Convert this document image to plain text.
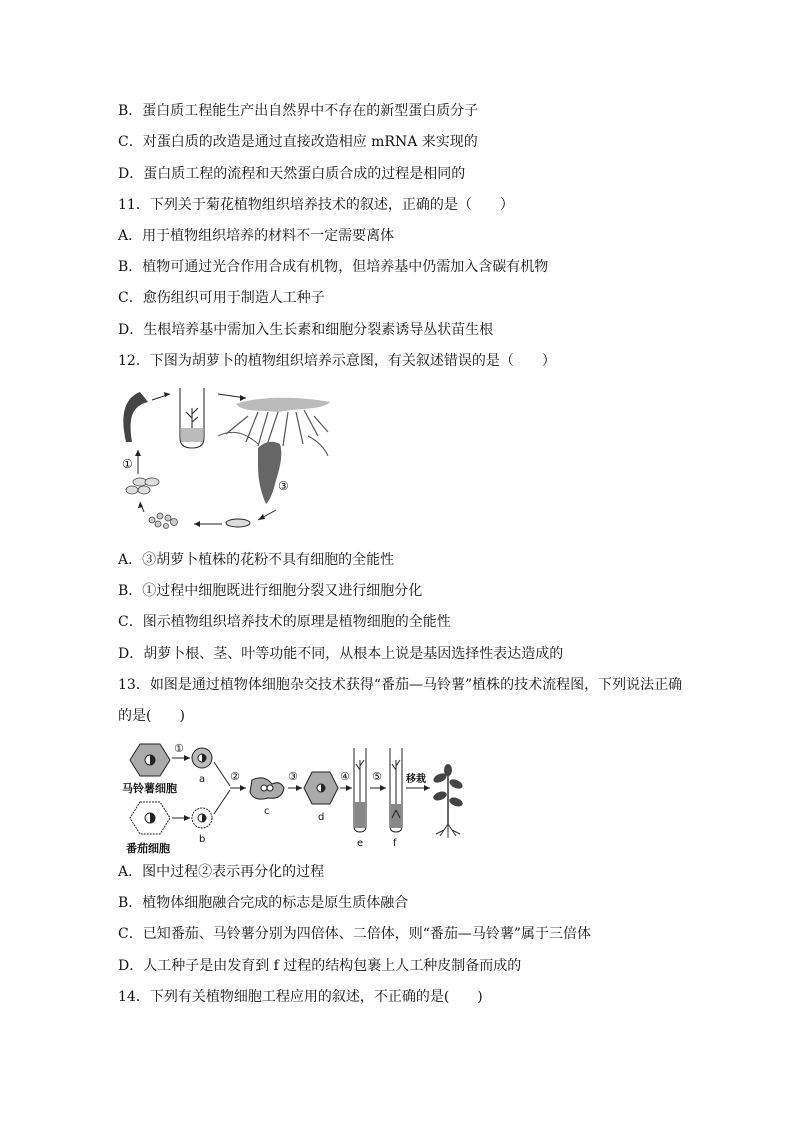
B．蛋白质工程能生产出自然界中不存在的新型蛋白质分子
C．对蛋白质的改造是通过直接改造相应 mRNA 来实现的
D．蛋白质工程的流程和天然蛋白质合成的过程是相同的
11．下列关于菊花植物组织培养技术的叙述，正确的是（　　）
A．用于植物组织培养的材料不一定需要离体
B．植物可通过光合作用合成有机物，但培养基中仍需加入含碳有机物
C．愈伤组织可用于制造人工种子
D．生根培养基中需加入生长素和细胞分裂素诱导丛状苗生根
12．下图为胡萝卜的植物组织培养示意图，有关叙述错误的是（　　）
③
①
A．③胡萝卜植株的花粉不具有细胞的全能性
B．①过程中细胞既进行细胞分裂又进行细胞分化
C．图示植物组织培养技术的原理是植物细胞的全能性
D．胡萝卜根、茎、叶等功能不同，从根本上说是基因选择性表达造成的
13．如图是通过植物体细胞杂交技术获得“番茄—马铃薯”植株的技术流程图，下列说法正确
的是(　　)
马铃薯细胞
①
a
番茄细胞
b
②
c
③
d
④
e
⑤
f
移栽
A．图中过程②表示再分化的过程
B．植物体细胞融合完成的标志是原生质体融合
C．已知番茄、马铃薯分别为四倍体、二倍体，则“番茄—马铃薯”属于三倍体
D．人工种子是由发育到 f 过程的结构包裹上人工种皮制备而成的
14．下列有关植物细胞工程应用的叙述，不正确的是(　　)
